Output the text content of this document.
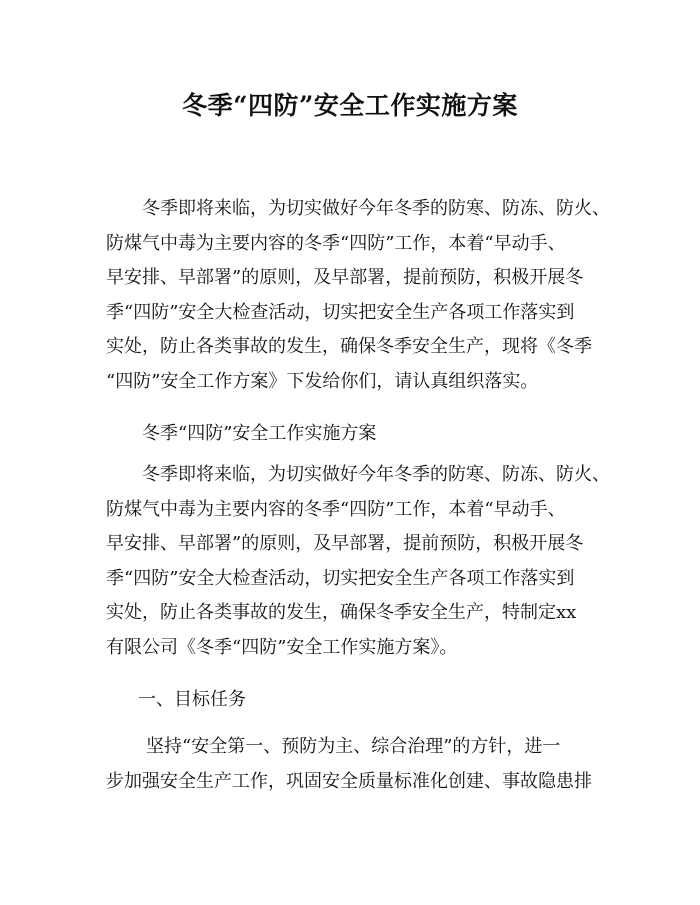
冬季“四防”安全工作实施方案
冬季即将来临，为切实做好今年冬季的防寒、防冻、防火、
防煤气中毒为主要内容的冬季“四防”工作，本着“早动手、
早安排、早部署”的原则，及早部署，提前预防，积极开展冬
季“四防”安全大检查活动，切实把安全生产各项工作落实到
实处，防止各类事故的发生，确保冬季安全生产，现将《冬季
“四防”安全工作方案》下发给你们，请认真组织落实。
冬季“四防”安全工作实施方案
冬季即将来临，为切实做好今年冬季的防寒、防冻、防火、
防煤气中毒为主要内容的冬季“四防”工作，本着“早动手、
早安排、早部署”的原则，及早部署，提前预防，积极开展冬
季“四防”安全大检查活动，切实把安全生产各项工作落实到
实处，防止各类事故的发生，确保冬季安全生产，特制定xx
有限公司《冬季“四防”安全工作实施方案》。
一、目标任务
坚持“安全第一、预防为主、综合治理”的方针，进一
步加强安全生产工作，巩固安全质量标准化创建、事故隐患排
